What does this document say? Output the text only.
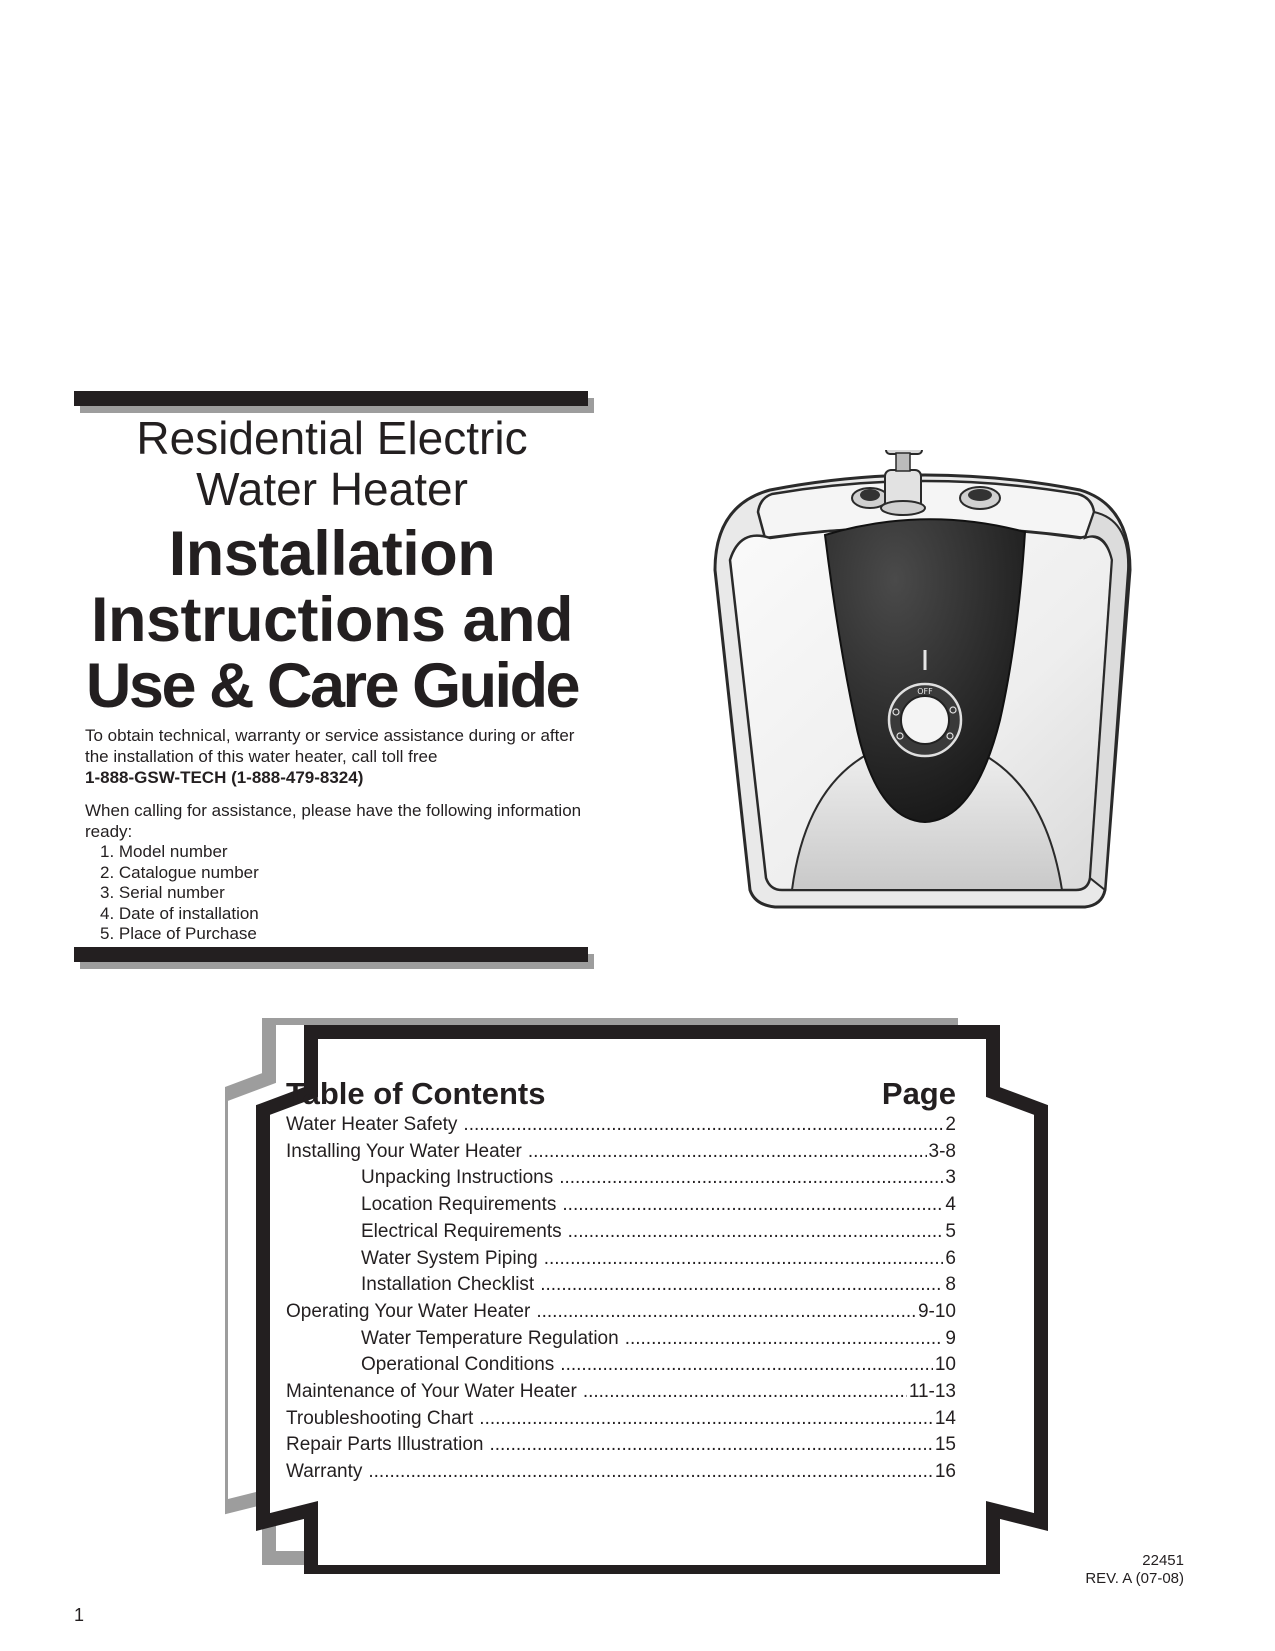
Residential Electric
Water Heater
Installation
Instructions and
Use & Care Guide

To obtain technical, warranty or service assistance during or after the installation of this water heater, call toll free

1-888-GSW-TECH (1-888-479-8324)

When calling for assistance, please have the following information ready:

1. Model number
2. Catalogue number
3. Serial number
4. Date of installation
5. Place of Purchase
OFF
Table of Contents	Page
Water Heater Safety .....	2
Installing Your Water Heater .....	3-8
Unpacking Instructions .....	3
Location Requirements .....	4
Electrical Requirements .....	5
Water System Piping .....	6
Installation Checklist .....	8
Operating Your Water Heater .....	9-10
Water Temperature Regulation .....	9
Operational Conditions .....	10
Maintenance of Your Water Heater .....	11-13
Troubleshooting Chart .....	14
Repair Parts Illustration .....	15
Warranty .....	16
1
22451
REV. A (07-08)
